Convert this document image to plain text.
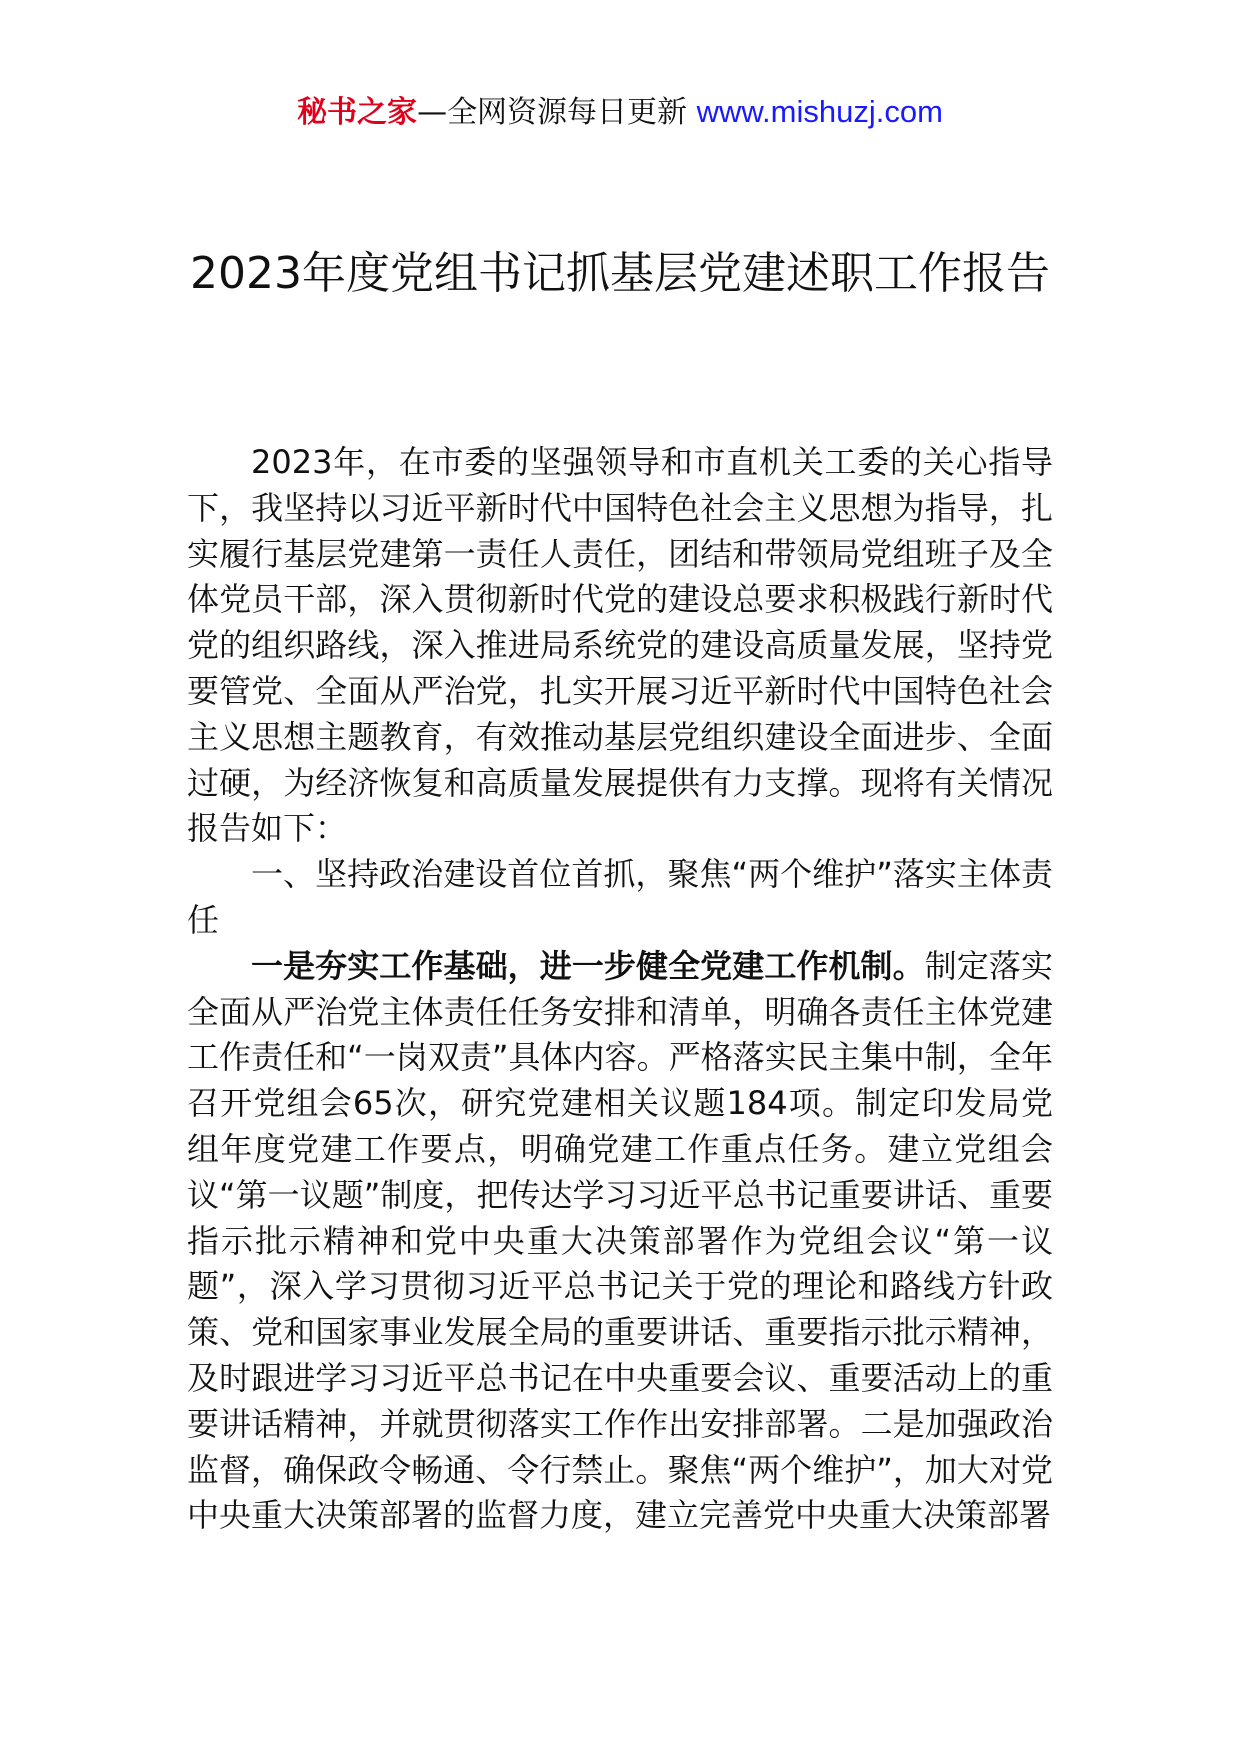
秘书之家—全网资源每日更新 www.mishuzj.com
2023年度党组书记抓基层党建述职工作报告

2023年，在市委的坚强领导和市直机关工委的关心指导下，我坚持以习近平新时代中国特色社会主义思想为指导，扎实履行基层党建第一责任人责任，团结和带领局党组班子及全体党员干部，深入贯彻新时代党的建设总要求积极践行新时代党的组织路线，深入推进局系统党的建设高质量发展，坚持党要管党、全面从严治党，扎实开展习近平新时代中国特色社会主义思想主题教育，有效推动基层党组织建设全面进步、全面过硬，为经济恢复和高质量发展提供有力支撑。现将有关情况报告如下：

一、坚持政治建设首位首抓，聚焦“两个维护”落实主体责任

一是夯实工作基础，进一步健全党建工作机制。制定落实全面从严治党主体责任任务安排和清单，明确各责任主体党建工作责任和“一岗双责”具体内容。严格落实民主集中制，全年召开党组会65次，研究党建相关议题184项。制定印发局党组年度党建工作要点，明确党建工作重点任务。建立党组会议“第一议题”制度，把传达学习习近平总书记重要讲话、重要指示批示精神和党中央重大决策部署作为党组会议“第一议题”，深入学习贯彻习近平总书记关于党的理论和路线方针政策、党和国家事业发展全局的重要讲话、重要指示批示精神，及时跟进学习习近平总书记在中央重要会议、重要活动上的重要讲话精神，并就贯彻落实工作作出安排部署。二是加强政治监督，确保政令畅通、令行禁止。聚焦“两个维护”，加大对党中央重大决策部署的监督力度，建立完善党中央重大决策部署
